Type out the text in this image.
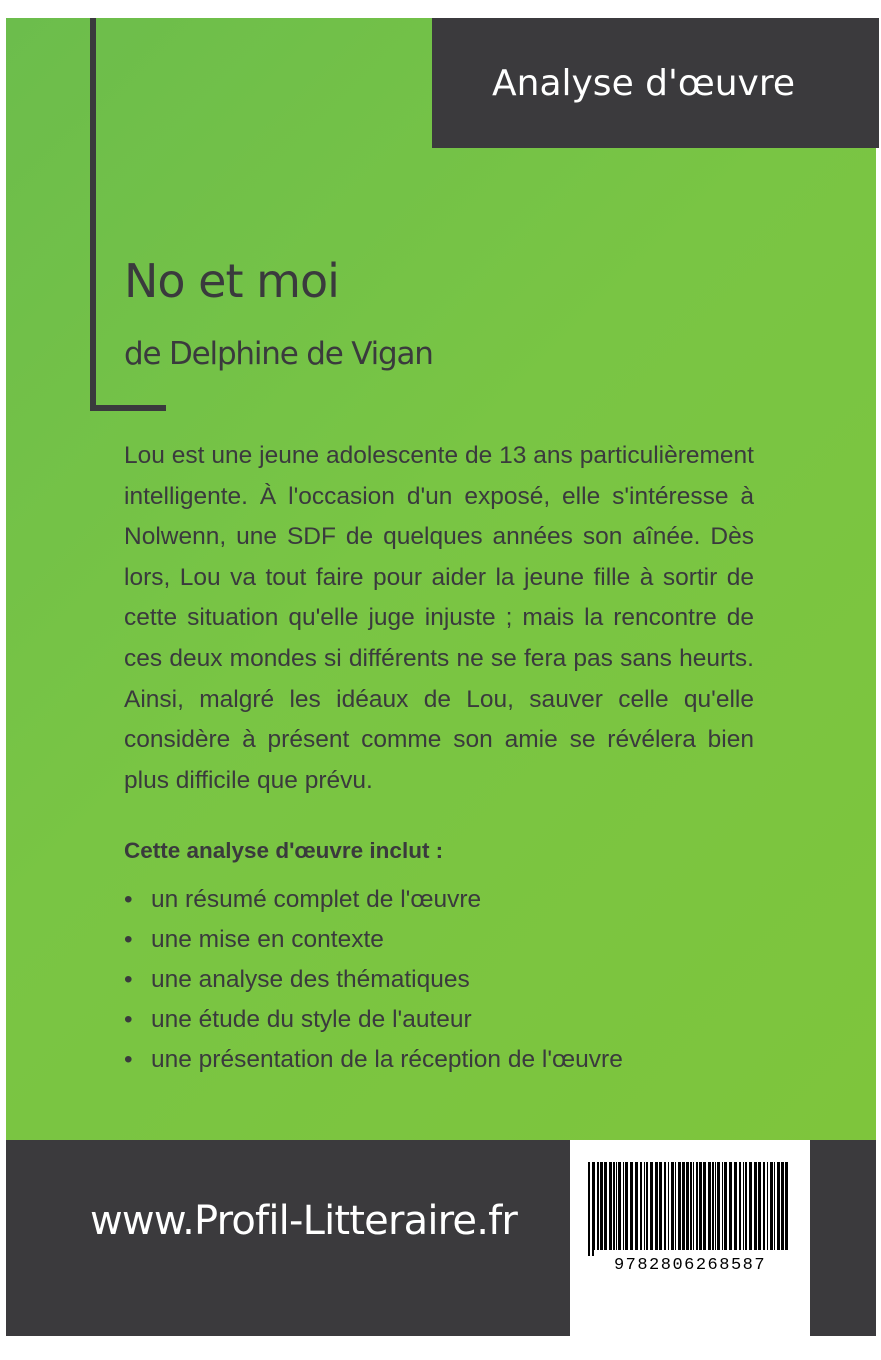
Analyse d'œuvre
No et moi
de Delphine de Vigan

Lou est une jeune adolescente de 13 ans particulièrement intelligente. À l'occasion d'un exposé, elle s'intéresse à Nolwenn, une SDF de quelques années son aînée. Dès lors, Lou va tout faire pour aider la jeune fille à sortir de cette situation qu'elle juge injuste ; mais la rencontre de ces deux mondes si différents ne se fera pas sans heurts. Ainsi, malgré les idéaux de Lou, sauver celle qu'elle considère à présent comme son amie se révélera bien plus difficile que prévu.

Cette analyse d'œuvre inclut :

• un résumé complet de l'œuvre
• une mise en contexte
• une analyse des thématiques
• une étude du style de l'auteur
• une présentation de la réception de l'œuvre

www.Profil-Litteraire.fr

9782806268587
